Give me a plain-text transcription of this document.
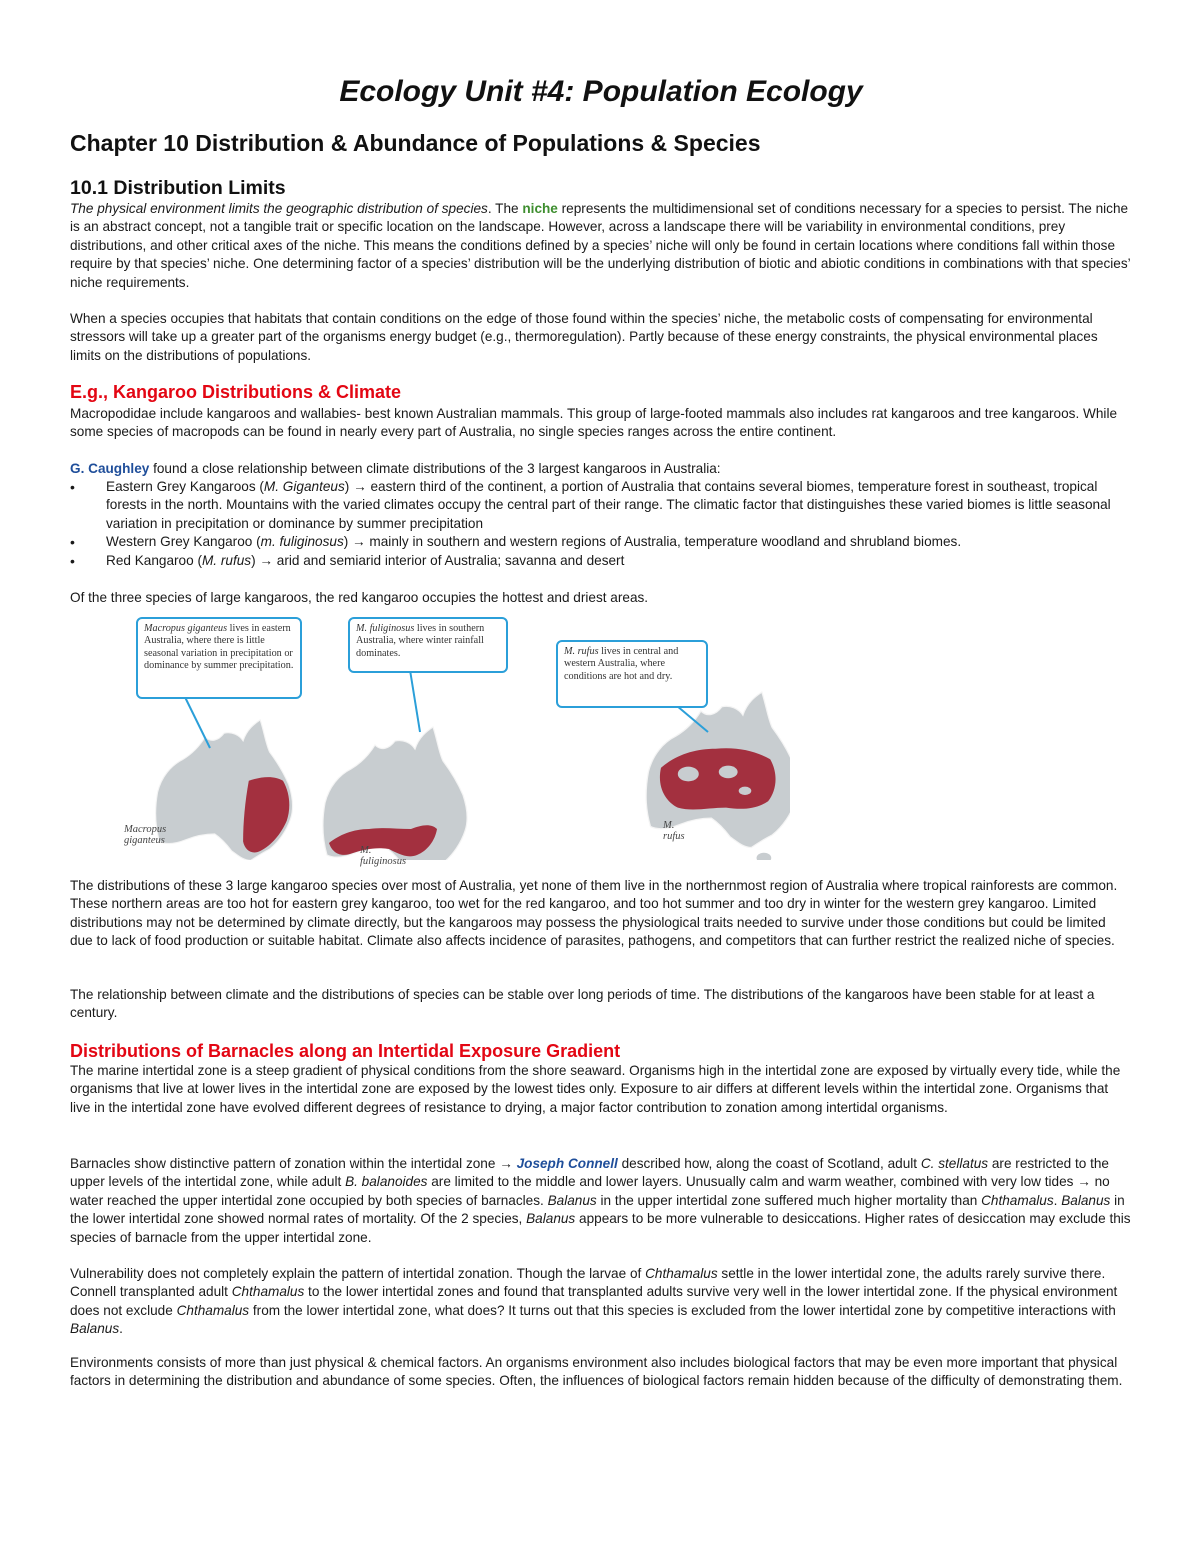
Ecology Unit #4: Population Ecology
Chapter 10 Distribution & Abundance of Populations & Species
10.1 Distribution Limits

The physical environment limits the geographic distribution of species. The niche represents the multidimensional set of conditions necessary for a species to persist. The niche is an abstract concept, not a tangible trait or specific location on the landscape. However, across a landscape there will be variability in environmental conditions, prey distributions, and other critical axes of the niche. This means the conditions defined by a species’ niche will only be found in certain locations where conditions fall within those require by that species’ niche. One determining factor of a species’ distribution will be the underlying distribution of biotic and abiotic conditions in combinations with that species’ niche requirements.

When a species occupies that habitats that contain conditions on the edge of those found within the species’ niche, the metabolic costs of compensating for environmental stressors will take up a greater part of the organisms energy budget (e.g., thermoregulation). Partly because of these energy constraints, the physical environmental places limits on the distributions of populations.

E.g., Kangaroo Distributions & Climate

Macropodidae include kangaroos and wallabies- best known Australian mammals. This group of large-footed mammals also includes rat kangaroos and tree kangaroos. While some species of macropods can be found in nearly every part of Australia, no single species ranges across the entire continent.

G. Caughley found a close relationship between climate distributions of the 3 largest kangaroos in Australia:

• Eastern Grey Kangaroos (M. Giganteus) → eastern third of the continent, a portion of Australia that contains several biomes, temperature forest in southeast, tropical forests in the north. Mountains with the varied climates occupy the central part of their range. The climatic factor that distinguishes these varied biomes is little seasonal variation in precipitation or dominance by summer precipitation
• Western Grey Kangaroo (m. fuliginosus) → mainly in southern and western regions of Australia, temperature woodland and shrubland biomes.
• Red Kangaroo (M. rufus) → arid and semiarid interior of Australia; savanna and desert

Of the three species of large kangaroos, the red kangaroo occupies the hottest and driest areas.

Macropus giganteus lives in eastern Australia, where there is little seasonal variation in precipitation or dominance by summer precipitation.
M. fuliginosus lives in southern Australia, where winter rainfall dominates.	M. rufus lives in central and western Australia, where conditions are hot and dry.
Macropus giganteus
M. fuliginosus
M. rufus

The distributions of these 3 large kangaroo species over most of Australia, yet none of them live in the northernmost region of Australia where tropical rainforests are common. These northern areas are too hot for eastern grey kangaroo, too wet for the red kangaroo, and too hot summer and too dry in winter for the western grey kangaroo. Limited distributions may not be determined by climate directly, but the kangaroos may possess the physiological traits needed to survive under those conditions but could be limited due to lack of food production or suitable habitat. Climate also affects incidence of parasites, pathogens, and competitors that can further restrict the realized niche of species.

The relationship between climate and the distributions of species can be stable over long periods of time. The distributions of the kangaroos have been stable for at least a century.

Distributions of Barnacles along an Intertidal Exposure Gradient

The marine intertidal zone is a steep gradient of physical conditions from the shore seaward. Organisms high in the intertidal zone are exposed by virtually every tide, while the organisms that live at lower lives in the intertidal zone are exposed by the lowest tides only. Exposure to air differs at different levels within the intertidal zone. Organisms that live in the intertidal zone have evolved different degrees of resistance to drying, a major factor contribution to zonation among intertidal organisms.

Barnacles show distinctive pattern of zonation within the intertidal zone → Joseph Connell described how, along the coast of Scotland, adult C. stellatus are restricted to the upper levels of the intertidal zone, while adult B. balanoides are limited to the middle and lower layers. Unusually calm and warm weather, combined with very low tides → no water reached the upper intertidal zone occupied by both species of barnacles. Balanus in the upper intertidal zone suffered much higher mortality than Chthamalus. Balanus in the lower intertidal zone showed normal rates of mortality. Of the 2 species, Balanus appears to be more vulnerable to desiccations. Higher rates of desiccation may exclude this species of barnacle from the upper intertidal zone.

Vulnerability does not completely explain the pattern of intertidal zonation. Though the larvae of Chthamalus settle in the lower intertidal zone, the adults rarely survive there. Connell transplanted adult Chthamalus to the lower intertidal zones and found that transplanted adults survive very well in the lower intertidal zone. If the physical environment does not exclude Chthamalus from the lower intertidal zone, what does? It turns out that this species is excluded from the lower intertidal zone by competitive interactions with Balanus.

Environments consists of more than just physical & chemical factors. An organisms environment also includes biological factors that may be even more important that physical factors in determining the distribution and abundance of some species. Often, the influences of biological factors remain hidden because of the difficulty of demonstrating them.
